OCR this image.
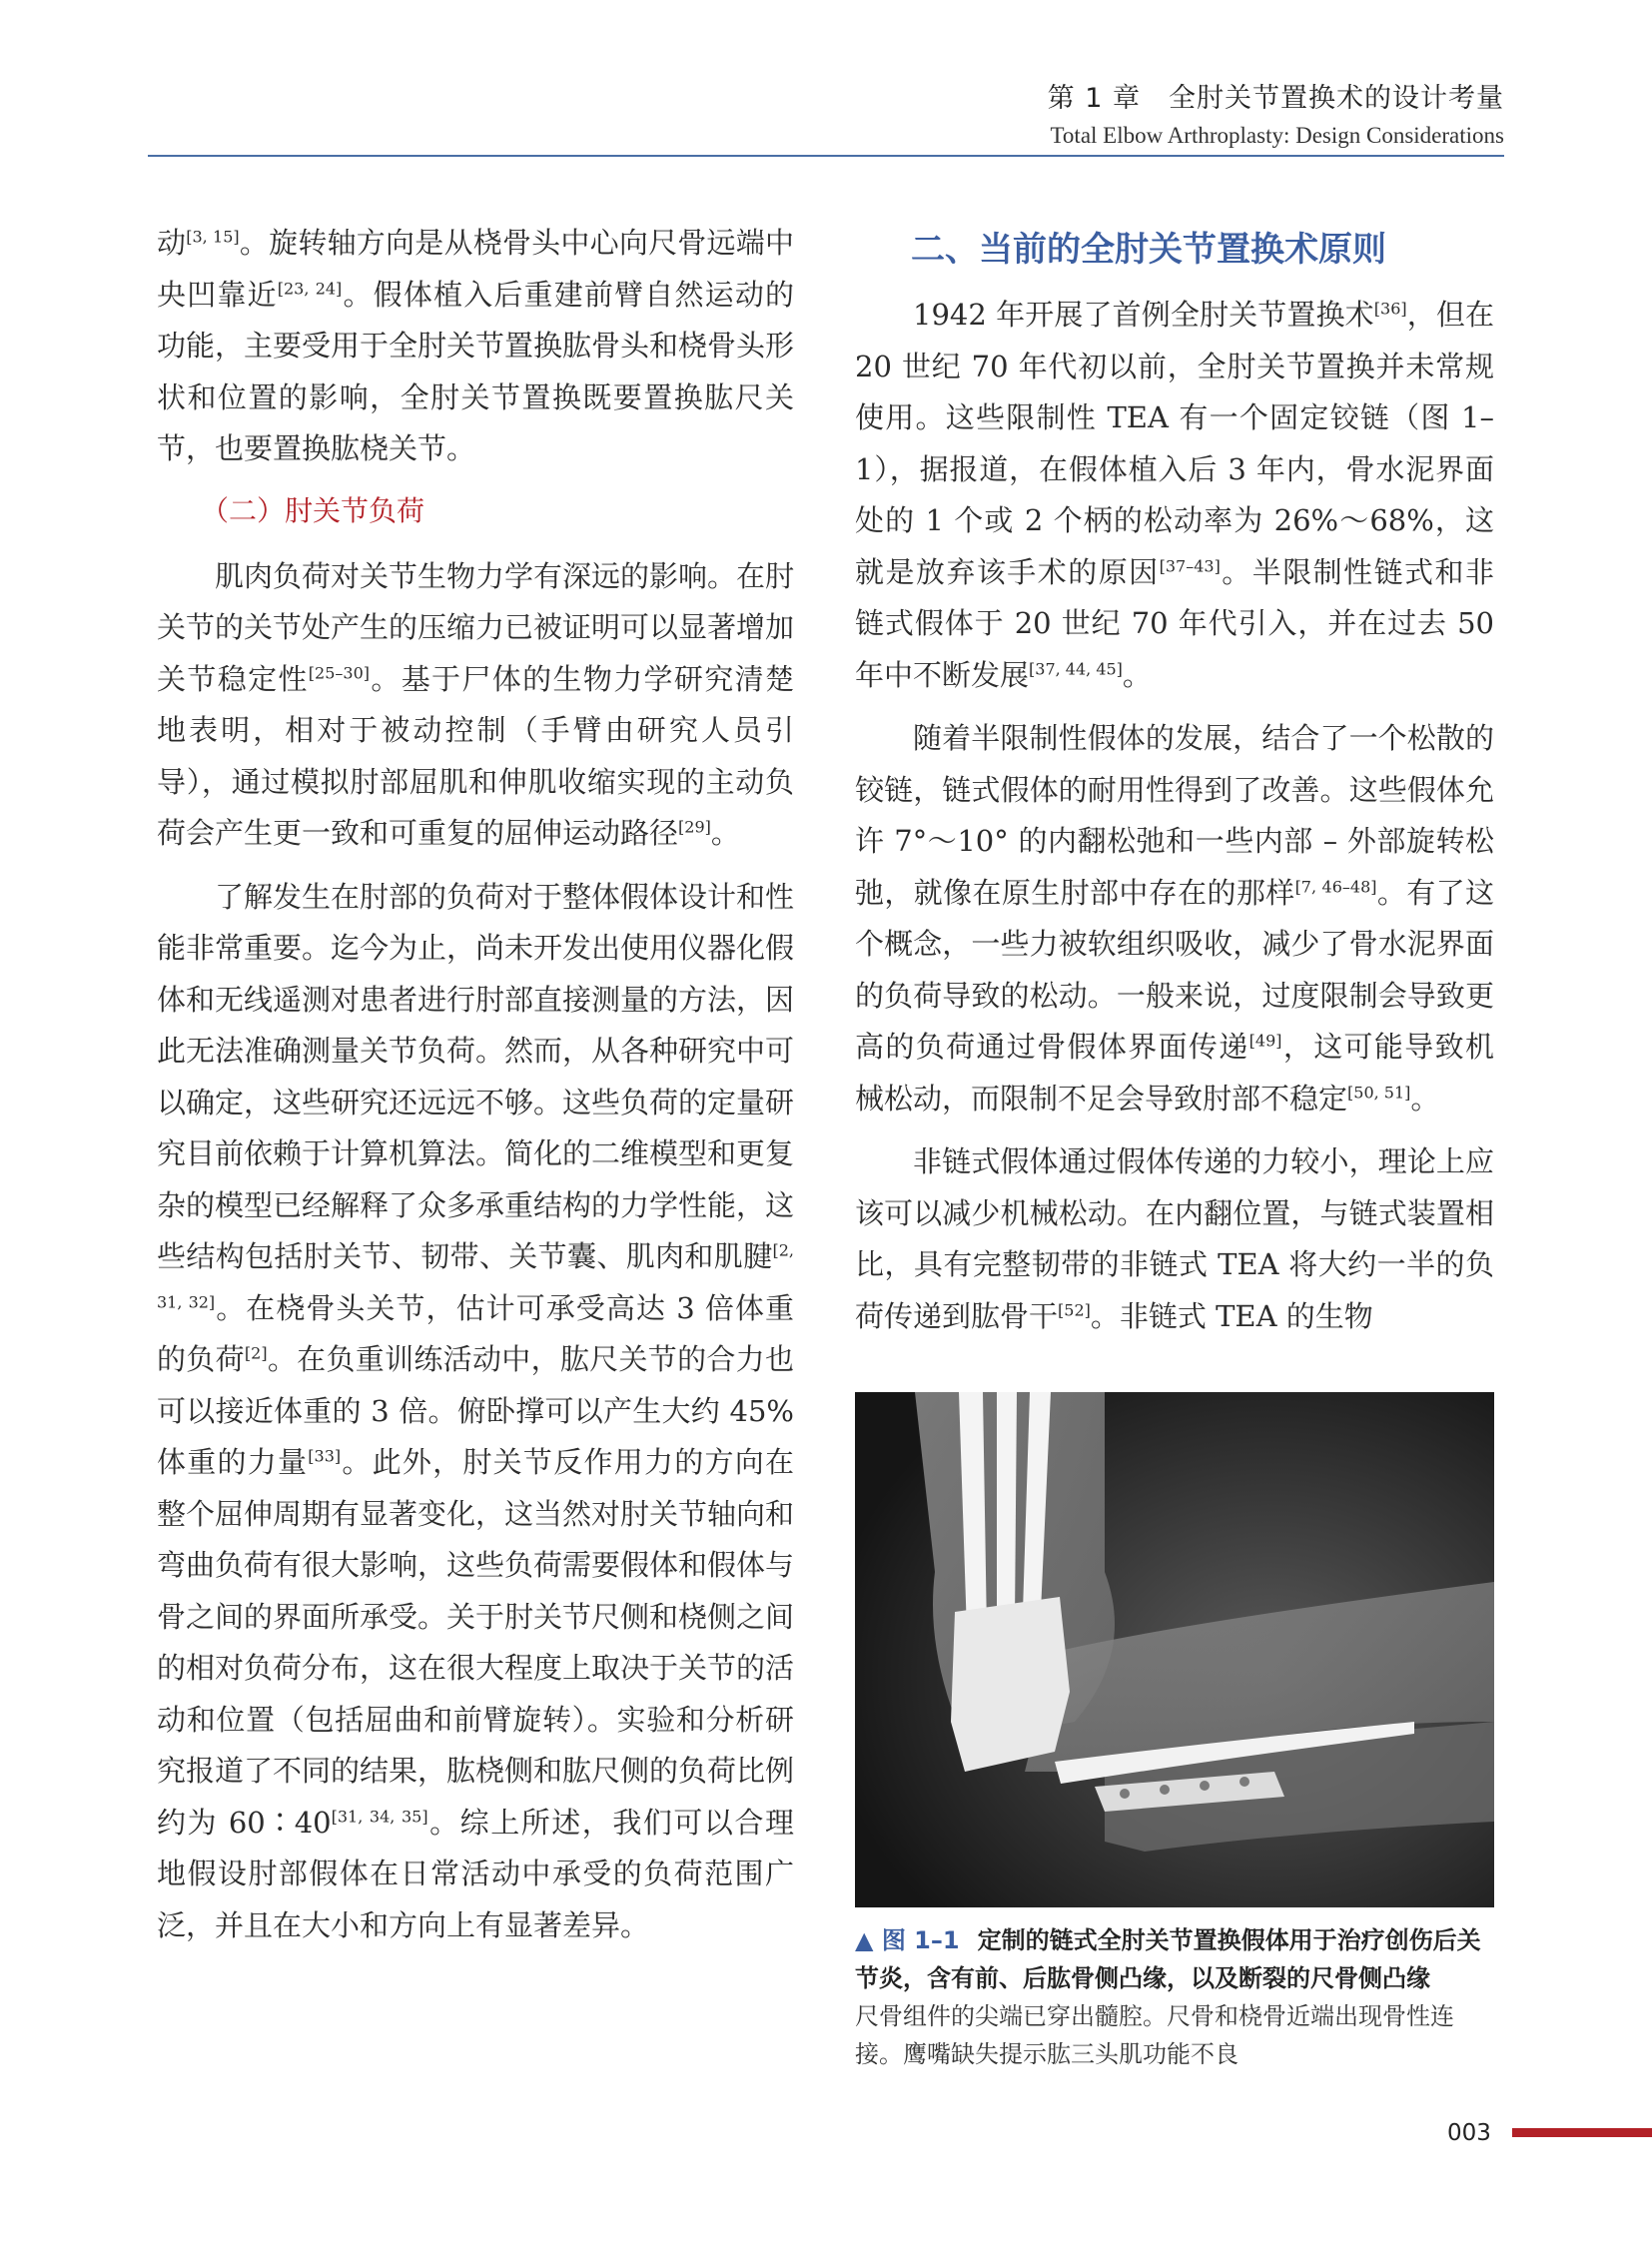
第 1 章　全肘关节置换术的设计考量
Total Elbow Arthroplasty: Design Considerations

动[3, 15]。旋转轴方向是从桡骨头中心向尺骨远端中央凹靠近[23, 24]。假体植入后重建前臂自然运动的功能，主要受用于全肘关节置换肱骨头和桡骨头形状和位置的影响，全肘关节置换既要置换肱尺关节，也要置换肱桡关节。

（二）肘关节负荷

肌肉负荷对关节生物力学有深远的影响。在肘关节的关节处产生的压缩力已被证明可以显著增加关节稳定性[25–30]。基于尸体的生物力学研究清楚地表明，相对于被动控制（手臂由研究人员引导），通过模拟肘部屈肌和伸肌收缩实现的主动负荷会产生更一致和可重复的屈伸运动路径[29]。

了解发生在肘部的负荷对于整体假体设计和性能非常重要。迄今为止，尚未开发出使用仪器化假体和无线遥测对患者进行肘部直接测量的方法，因此无法准确测量关节负荷。然而，从各种研究中可以确定，这些研究还远远不够。这些负荷的定量研究目前依赖于计算机算法。简化的二维模型和更复杂的模型已经解释了众多承重结构的力学性能，这些结构包括肘关节、韧带、关节囊、肌肉和肌腱[2, 31, 32]。在桡骨头关节，估计可承受高达 3 倍体重的负荷[2]。在负重训练活动中，肱尺关节的合力也可以接近体重的 3 倍。俯卧撑可以产生大约 45% 体重的力量[33]。此外，肘关节反作用力的方向在整个屈伸周期有显著变化，这当然对肘关节轴向和弯曲负荷有很大影响，这些负荷需要假体和假体与骨之间的界面所承受。关于肘关节尺侧和桡侧之间的相对负荷分布，这在很大程度上取决于关节的活动和位置（包括屈曲和前臂旋转）。实验和分析研究报道了不同的结果，肱桡侧和肱尺侧的负荷比例约为 60∶40[31, 34, 35]。综上所述，我们可以合理地假设肘部假体在日常活动中承受的负荷范围广泛，并且在大小和方向上有显著差异。

二、当前的全肘关节置换术原则

1942 年开展了首例全肘关节置换术[36]，但在 20 世纪 70 年代初以前，全肘关节置换并未常规使用。这些限制性 TEA 有一个固定铰链（图 1–1），据报道，在假体植入后 3 年内，骨水泥界面处的 1 个或 2 个柄的松动率为 26%～68%，这就是放弃该手术的原因[37–43]。半限制性链式和非链式假体于 20 世纪 70 年代引入，并在过去 50 年中不断发展[37, 44, 45]。

随着半限制性假体的发展，结合了一个松散的铰链，链式假体的耐用性得到了改善。这些假体允许 7°～10° 的内翻松弛和一些内部 – 外部旋转松弛，就像在原生肘部中存在的那样[7, 46–48]。有了这个概念，一些力被软组织吸收，减少了骨水泥界面的负荷导致的松动。一般来说，过度限制会导致更高的负荷通过骨假体界面传递[49]，这可能导致机械松动，而限制不足会导致肘部不稳定[50, 51]。

非链式假体通过假体传递的力较小，理论上应该可以减少机械松动。在内翻位置，与链式装置相比，具有完整韧带的非链式 TEA 将大约一半的负荷传递到肱骨干[52]。非链式 TEA 的生物

▲ 图 1–1 定制的链式全肘关节置换假体用于治疗创伤后关节炎，含有前、后肱骨侧凸缘，以及断裂的尺骨侧凸缘
尺骨组件的尖端已穿出髓腔。尺骨和桡骨近端出现骨性连接。鹰嘴缺失提示肱三头肌功能不良
003
